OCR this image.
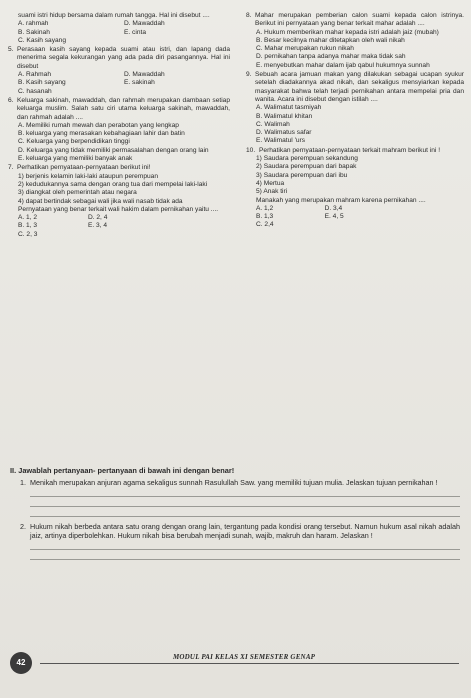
suami istri hidup bersama dalam rumah tangga. Hal ini disebut ....
A. rahmah	D. Mawaddah
B. Sakinah	E. cinta
C. Kasih sayang
5. Perasaan kasih sayang kepada suami atau istri, dan lapang dada menerima segala kekurangan yang ada pada diri pasangannya. Hal ini disebut
A. Rahmah	D. Mawaddah
B. Kasih sayang	E. sakinah
C. hasanah
6. Keluarga sakinah, mawaddah, dan rahmah merupakan dambaan setiap keluarga muslim. Salah satu ciri utama keluarga sakinah, mawaddah, dan rahmah adalah ....
A. Memiliki rumah mewah dan perabotan yang lengkap
B. keluarga yang merasakan kebahagiaan lahir dan batin
C. Keluarga yang berpendidikan tinggi
D. Keluarga yang tidak memiliki permasalahan dengan orang lain
E. keluarga yang memiliki banyak anak
7. Perhatikan pernyataan-pernyataan berikut ini!
1) berjenis kelamin laki-laki ataupun perempuan
2) kedudukannya sama dengan orang tua dari mempelai laki-laki
3) diangkat oleh pemerintah atau negara
4) dapat bertindak sebagai wali jika wali nasab tidak ada
Pernyataan yang benar terkait wali hakim dalam pernikahan yaitu ....
A. 1, 2	D. 2, 4
B. 1, 3	E. 3, 4
C. 2, 3
8. Mahar merupakan pemberian calon suami kepada calon istrinya. Berikut ini pernyataan yang benar terkait mahar adalah ....
A. Hukum memberikan mahar kepada istri adalah jaiz (mubah)
B. Besar kecilnya mahar ditetapkan oleh wali nikah
C. Mahar merupakan rukun nikah
D. pernikahan tanpa adanya mahar maka tidak sah
E. menyebutkan mahar dalam ijab qabul hukumnya sunnah
9. Sebuah acara jamuan makan yang dilakukan sebagai ucapan syukur setelah diadakannya akad nikah, dan sekaligus mensyiarkan kepada masyarakat bahwa telah terjadi pernikahan antara mempelai pria dan wanita. Acara ini disebut dengan istilah ....
A. Walimatut tasmiyah
B. Walimatul khitan
C. Walimah
D. Walimatus safar
E. Walimatul 'urs
10. Perhatikan pernyataan-pernyataan terkait mahram berikut ini !
1) Saudara perempuan sekandung
2) Saudara perempuan dari bapak
3) Saudara perempuan dari ibu
4) Mertua
5) Anak tiri
Manakah yang merupakan mahram karena pernikahan ....
A. 1,2	D. 3,4
B. 1,3	E. 4, 5
C. 2,4
II. Jawablah pertanyaan- pertanyaan di bawah ini dengan benar!
1. Menikah merupakan anjuran agama sekaligus sunnah Rasulullah Saw. yang memiliki tujuan mulia. Jelaskan tujuan pernikahan !
2. Hukum nikah berbeda antara satu orang dengan orang lain, tergantung pada kondisi orang tersebut. Namun hukum asal nikah adalah jaiz, artinya diperbolehkan. Hukum nikah bisa berubah menjadi sunah, wajib, makruh dan haram. Jelaskan !
42
MODUL PAI KELAS XI SEMESTER GENAP
